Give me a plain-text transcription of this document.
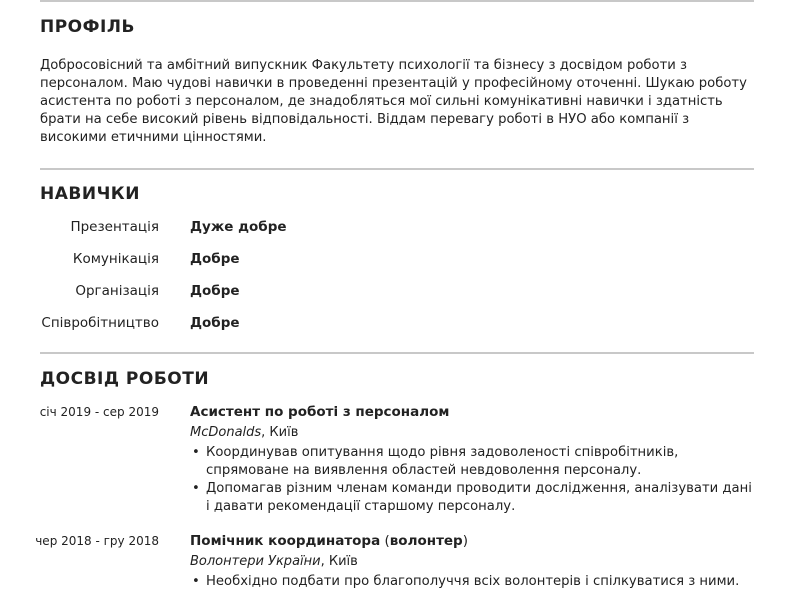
ПРОФІЛЬ

Добросовісний та амбітний випускник Факультету психології та бізнесу з досвідом роботи з персоналом. Маю чудові навички в проведенні презентацій у професійному оточенні. Шукаю роботу асистента по роботі з персоналом, де знадобляться мої сильні комунікативні навички і здатність брати на себе високий рівень відповідальності. Віддам перевагу роботі в НУО або компанії з високими етичними цінностями.

НАВИЧКИ
Презентація Дуже добре
Комунікація Добре
Організація Добре
Співробітництво Добре
ДОСВІД РОБОТИ
січ 2019 - сер 2019 Асистент по роботі з персоналом
McDonalds, Київ
• Координував опитування щодо рівня задоволеності співробітників, спрямоване на виявлення областей невдоволення персоналу.
• Допомагав різним членам команди проводити дослідження, аналізувати дані і давати рекомендації старшому персоналу.
чер 2018 - гру 2018 Помічник координатора (волонтер)
Волонтери України, Київ
• Необхідно подбати про благополуччя всіх волонтерів і спілкуватися з ними.
